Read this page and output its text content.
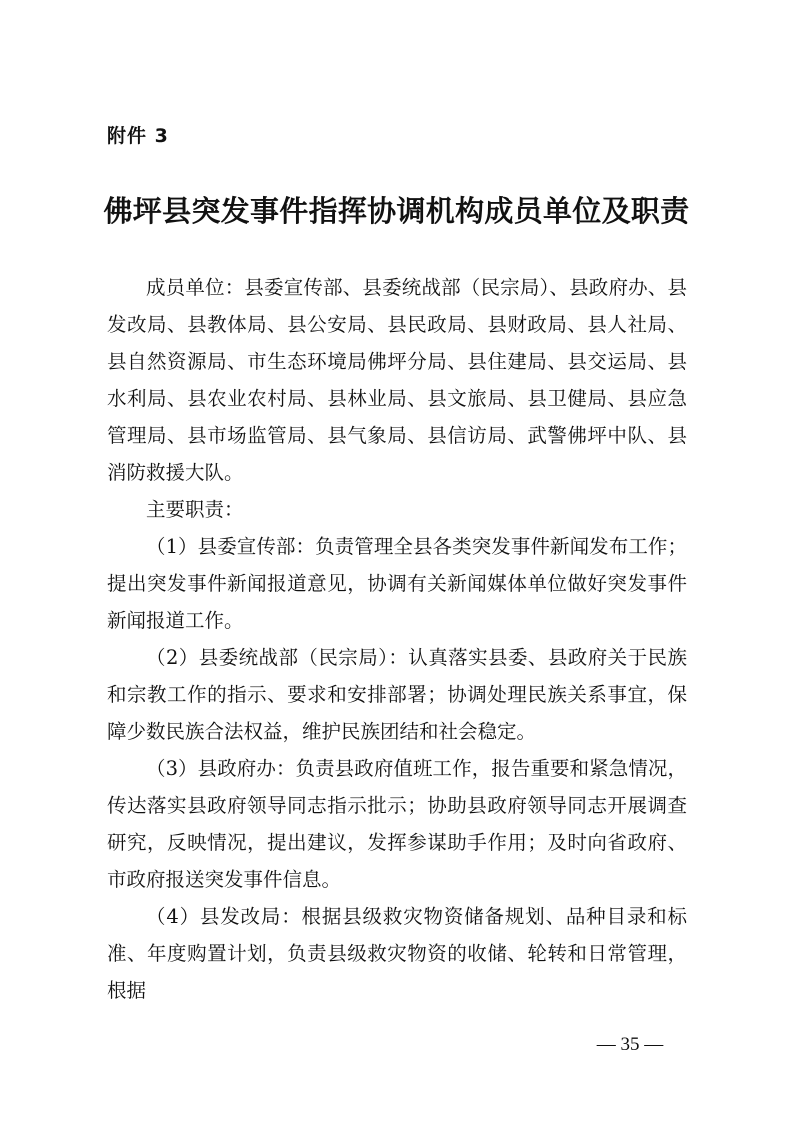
附件 3
佛坪县突发事件指挥协调机构成员单位及职责

成员单位：县委宣传部、县委统战部（民宗局）、县政府办、县发改局、县教体局、县公安局、县民政局、县财政局、县人社局、县自然资源局、市生态环境局佛坪分局、县住建局、县交运局、县水利局、县农业农村局、县林业局、县文旅局、县卫健局、县应急管理局、县市场监管局、县气象局、县信访局、武警佛坪中队、县消防救援大队。

主要职责：

（1）县委宣传部：负责管理全县各类突发事件新闻发布工作；提出突发事件新闻报道意见，协调有关新闻媒体单位做好突发事件新闻报道工作。

（2）县委统战部（民宗局）：认真落实县委、县政府关于民族和宗教工作的指示、要求和安排部署；协调处理民族关系事宜，保障少数民族合法权益，维护民族团结和社会稳定。

（3）县政府办：负责县政府值班工作，报告重要和紧急情况，传达落实县政府领导同志指示批示；协助县政府领导同志开展调查研究，反映情况，提出建议，发挥参谋助手作用；及时向省政府、市政府报送突发事件信息。

（4）县发改局：根据县级救灾物资储备规划、品种目录和标准、年度购置计划，负责县级救灾物资的收储、轮转和日常管理，根据

— 35 —
